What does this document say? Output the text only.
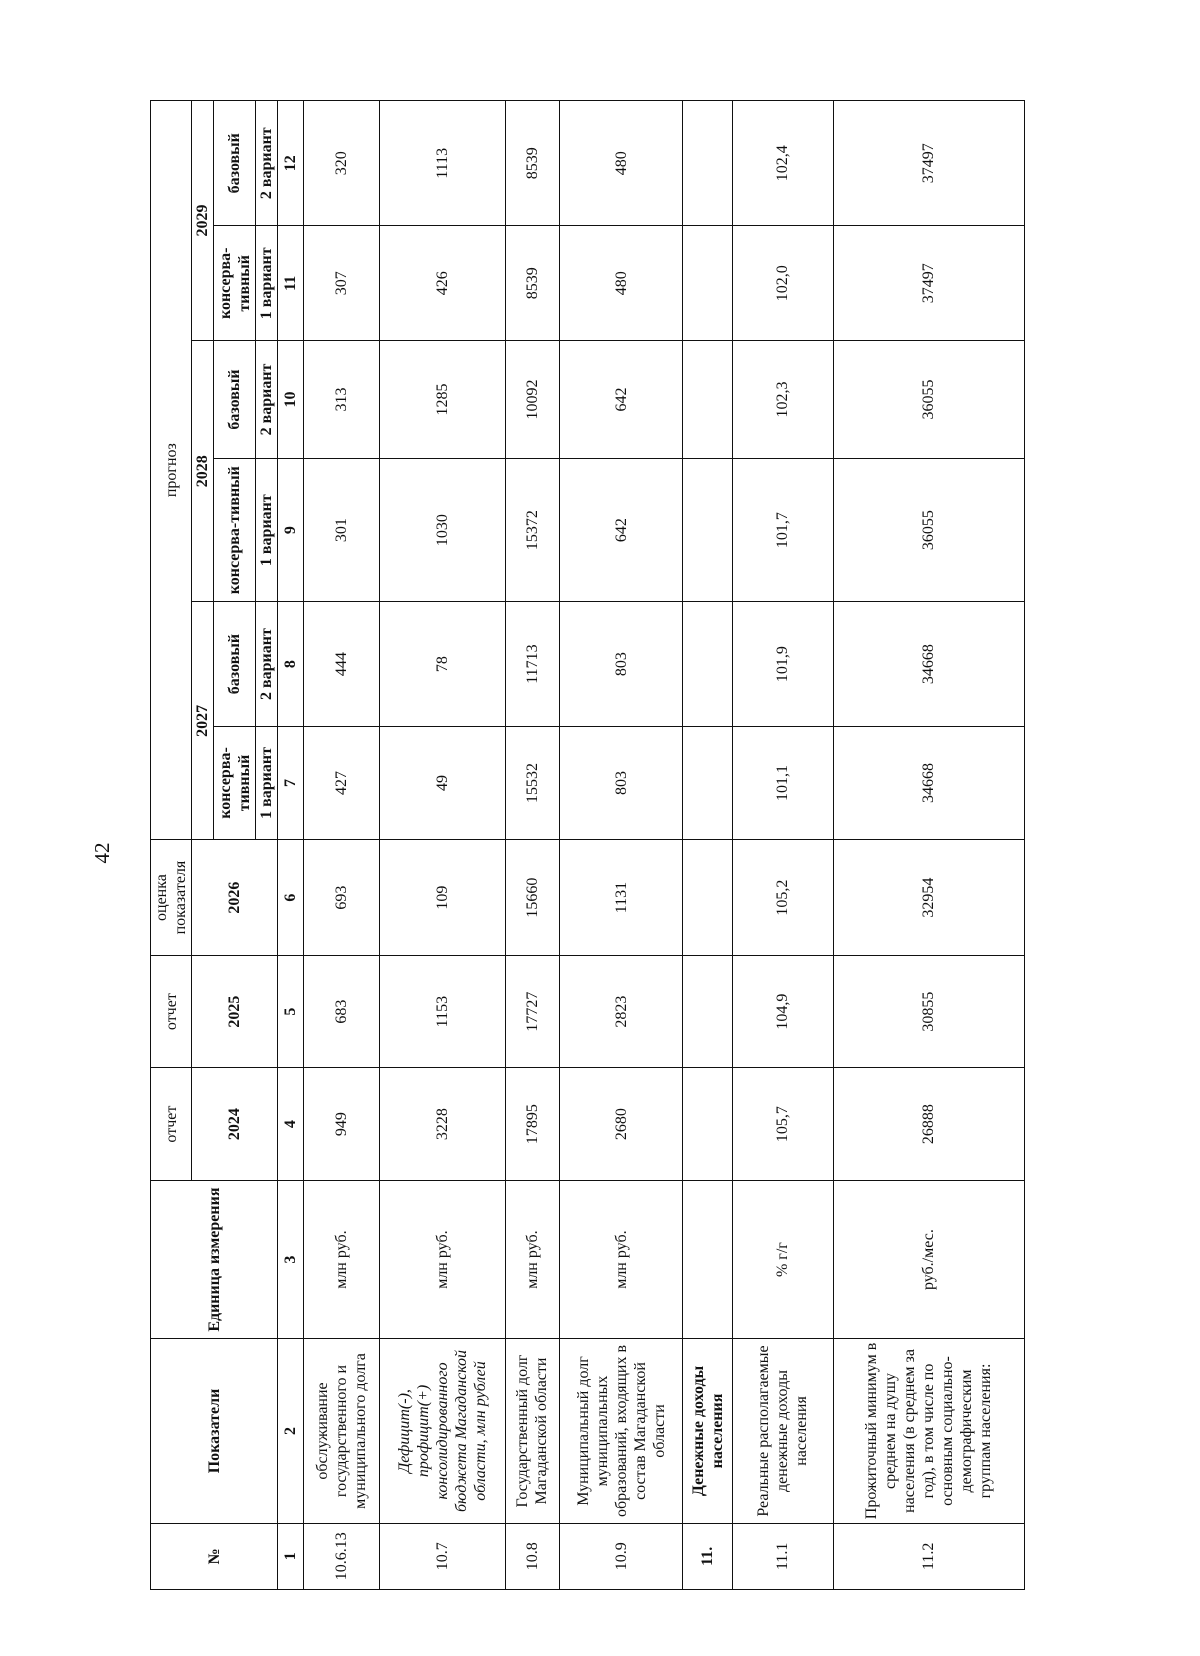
42
№	Показатели	Единица измерения	отчет	отчет	оценка показателя	прогноз					
			2024	2025	2026	2027		2028		2029	
						консерва-тивный	базовый	консерва-тивный	базовый	консерва-тивный	базовый
						1 вариант	2 вариант	1 вариант	2 вариант	1 вариант	2 вариант
1	2	3	4	5	6	7	8	9	10	11	12
10.6.13	обслуживание государственного и муниципального долга	млн руб.	949	683	693	427	444	301	313	307	320
10.7	Дефицит(-), профицит(+) консолидированного бюджета Магаданской области, млн рублей	млн руб.	3228	1153	109	49	78	1030	1285	426	1113
10.8	Государственный долг Магаданской области	млн руб.	17895	17727	15660	15532	11713	15372	10092	8539	8539
10.9	Муниципальный долг муниципальных образований, входящих в состав Магаданской области	млн руб.	2680	2823	1131	803	803	642	642	480	480
11.	Денежные доходы населения										
11.1	Реальные располагаемые денежные доходы населения	% г/г	105,7	104,9	105,2	101,1	101,9	101,7	102,3	102,0	102,4
11.2	Прожиточный минимум в среднем на душу населения (в среднем за год), в том числе по основным социально-демографическим группам населения:	руб./мес.	26888	30855	32954	34668	34668	36055	36055	37497	37497
